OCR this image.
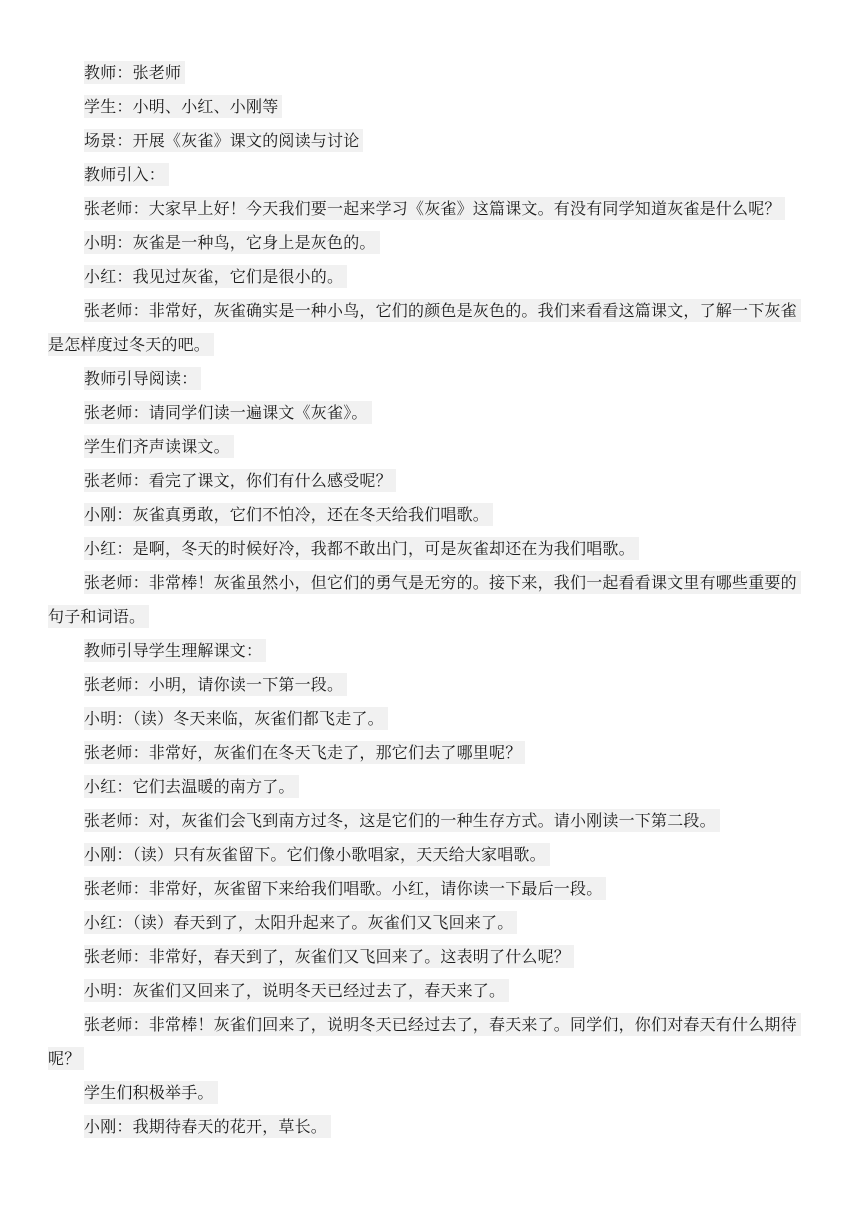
教师：张老师

学生：小明、小红、小刚等

场景：开展《灰雀》课文的阅读与讨论

教师引入：

张老师：大家早上好！今天我们要一起来学习《灰雀》这篇课文。有没有同学知道灰雀是什么呢？

小明：灰雀是一种鸟，它身上是灰色的。

小红：我见过灰雀，它们是很小的。

张老师：非常好，灰雀确实是一种小鸟，它们的颜色是灰色的。我们来看看这篇课文，了解一下灰雀是怎样度过冬天的吧。

教师引导阅读：

张老师：请同学们读一遍课文《灰雀》。

学生们齐声读课文。

张老师：看完了课文，你们有什么感受呢？

小刚：灰雀真勇敢，它们不怕冷，还在冬天给我们唱歌。

小红：是啊，冬天的时候好冷，我都不敢出门，可是灰雀却还在为我们唱歌。

张老师：非常棒！灰雀虽然小，但它们的勇气是无穷的。接下来，我们一起看看课文里有哪些重要的句子和词语。

教师引导学生理解课文：

张老师：小明，请你读一下第一段。

小明：（读）冬天来临，灰雀们都飞走了。

张老师：非常好，灰雀们在冬天飞走了，那它们去了哪里呢？

小红：它们去温暖的南方了。

张老师：对，灰雀们会飞到南方过冬，这是它们的一种生存方式。请小刚读一下第二段。

小刚：（读）只有灰雀留下。它们像小歌唱家，天天给大家唱歌。

张老师：非常好，灰雀留下来给我们唱歌。小红，请你读一下最后一段。

小红：（读）春天到了，太阳升起来了。灰雀们又飞回来了。

张老师：非常好，春天到了，灰雀们又飞回来了。这表明了什么呢？

小明：灰雀们又回来了，说明冬天已经过去了，春天来了。

张老师：非常棒！灰雀们回来了，说明冬天已经过去了，春天来了。同学们，你们对春天有什么期待呢？

学生们积极举手。

小刚：我期待春天的花开，草长。
